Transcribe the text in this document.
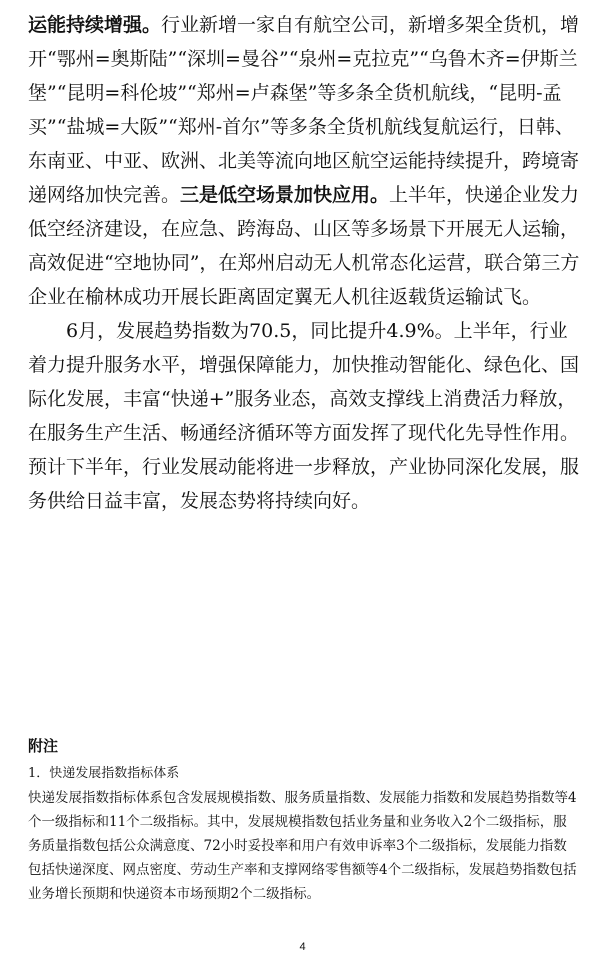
运能持续增强。行业新增一家自有航空公司，新增多架全货机，增开“鄂州=奥斯陆”“深圳=曼谷”“泉州=克拉克”“乌鲁木齐=伊斯兰堡”“昆明=科伦坡”“郑州=卢森堡”等多条全货机航线，“昆明-孟买”“盐城=大阪”“郑州-首尔”等多条全货机航线复航运行，日韩、东南亚、中亚、欧洲、北美等流向地区航空运能持续提升，跨境寄递网络加快完善。三是低空场景加快应用。上半年，快递企业发力低空经济建设，在应急、跨海岛、山区等多场景下开展无人运输，高效促进“空地协同”，在郑州启动无人机常态化运营，联合第三方企业在榆林成功开展长距离固定翼无人机往返载货运输试飞。

6月，发展趋势指数为70.5，同比提升4.9%。上半年，行业着力提升服务水平，增强保障能力，加快推动智能化、绿色化、国际化发展，丰富“快递+”服务业态，高效支撑线上消费活力释放，在服务生产生活、畅通经济循环等方面发挥了现代化先导性作用。预计下半年，行业发展动能将进一步释放，产业协同深化发展，服务供给日益丰富，发展态势将持续向好。

附注
1．快递发展指数指标体系
快递发展指数指标体系包含发展规模指数、服务质量指数、发展能力指数和发展趋势指数等4个一级指标和11个二级指标。其中，发展规模指数包括业务量和业务收入2个二级指标，服务质量指数包括公众满意度、72小时妥投率和用户有效申诉率3个二级指标，发展能力指数包括快递深度、网点密度、劳动生产率和支撑网络零售额等4个二级指标，发展趋势指数包括业务增长预期和快递资本市场预期2个二级指标。
4
